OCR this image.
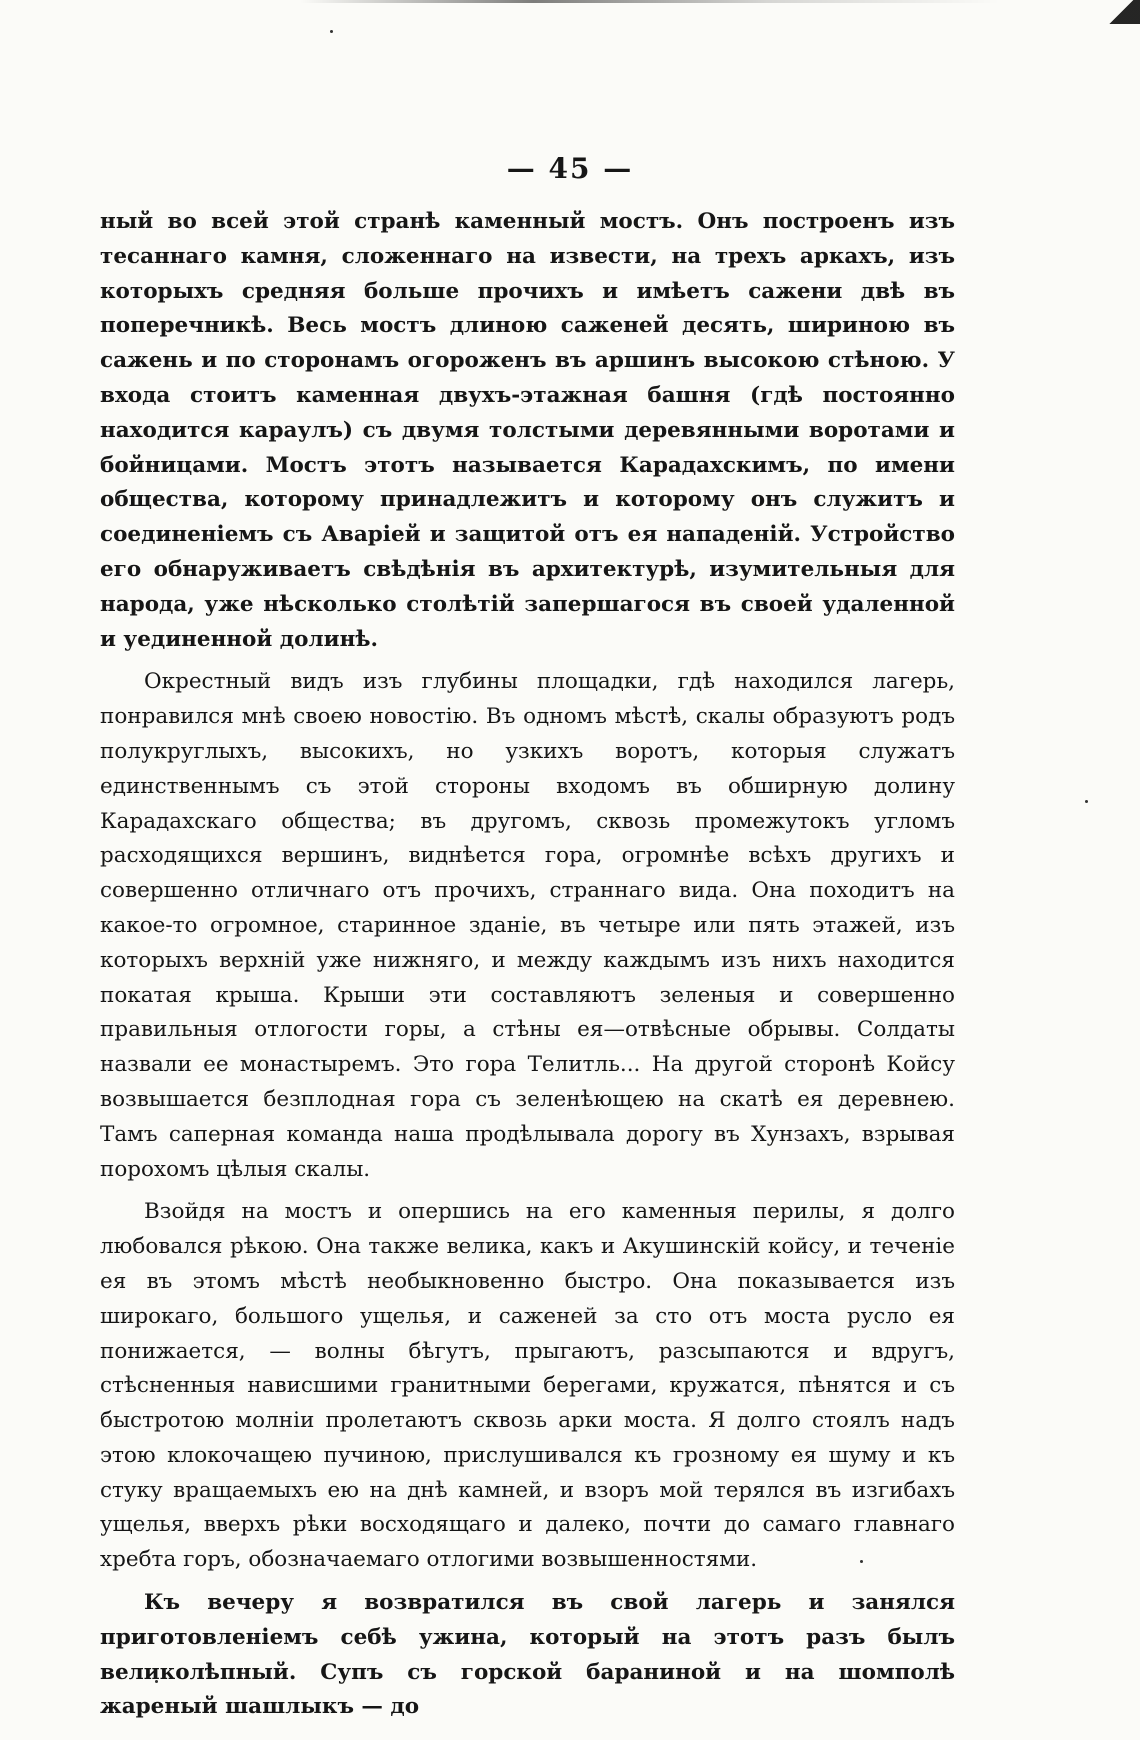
— 45 —

ный во всей этой странѣ каменный мостъ. Онъ построенъ изъ тесаннаго камня, сложеннаго на извести, на трехъ аркахъ, изъ которыхъ средняя больше прочихъ и имѣетъ сажени двѣ въ поперечникѣ. Весь мостъ длиною саженей десять, шириною въ сажень и по сторонамъ огороженъ въ аршинъ высокою стѣною. У входа стоитъ каменная двухъ-этажная башня (гдѣ постоянно находится караулъ) съ двумя толстыми деревянными воротами и бойницами. Мостъ этотъ называется Карадахскимъ, по имени общества, которому принадлежитъ и которому онъ служитъ и соединенiемъ съ Аварiей и защитой отъ ея нападенiй. Устройство его обнаруживаетъ свѣдѣнiя въ архитектурѣ, изумительныя для народа, уже нѣсколько столѣтiй запершагося въ своей удаленной и уединенной долинѣ.

Окрестный видъ изъ глубины площадки, гдѣ находился лагерь, понравился мнѣ своею новостiю. Въ одномъ мѣстѣ, скалы образуютъ родъ полукруглыхъ, высокихъ, но узкихъ воротъ, которыя служатъ единственнымъ съ этой стороны входомъ въ обширную долину Карадахскаго общества; въ другомъ, сквозь промежутокъ угломъ расходящихся вершинъ, виднѣется гора, огромнѣе всѣхъ другихъ и совершенно отличнаго отъ прочихъ, страннаго вида. Она походитъ на какое-то огромное, старинное зданiе, въ четыре или пять этажей, изъ которыхъ верхнiй уже нижняго, и между каждымъ изъ нихъ находится покатая крыша. Крыши эти составляютъ зеленыя и совершенно правильныя отлогости горы, а стѣны ея—отвѣсные обрывы. Солдаты назвали ее монастыремъ. Это гора Телитль... На другой сторонѣ Койсу возвышается безплодная гора съ зеленѣющею на скатѣ ея деревнею. Тамъ саперная команда наша продѣлывала дорогу въ Хунзахъ, взрывая порохомъ цѣлыя скалы.

Взойдя на мостъ и опершись на его каменныя перилы, я долго любовался рѣкою. Она также велика, какъ и Акушинскiй койсу, и теченiе ея въ этомъ мѣстѣ необыкновенно быстро. Она показывается изъ широкаго, большого ущелья, и саженей за сто отъ моста русло ея понижается, — волны бѣгутъ, прыгаютъ, разсыпаются и вдругъ, стѣсненныя нависшими гранитными берегами, кружатся, пѣнятся и съ быстротою молнiи пролетаютъ сквозь арки моста. Я долго стоялъ надъ этою клокочащею пучиною, прислушивался къ грозному ея шуму и къ стуку вращаемыхъ ею на днѣ камней, и взоръ мой терялся въ изгибахъ ущелья, вверхъ рѣки восходящаго и далеко, почти до самаго главнаго хребта горъ, обозначаемаго отлогими возвышенностями.

Къ вечеру я возвратился въ свой лагерь и занялся приготовленiемъ себѣ ужина, который на этотъ разъ былъ великолѣпный. Супъ съ горской бараниной и на шомполѣ жареный шашлыкъ — до
